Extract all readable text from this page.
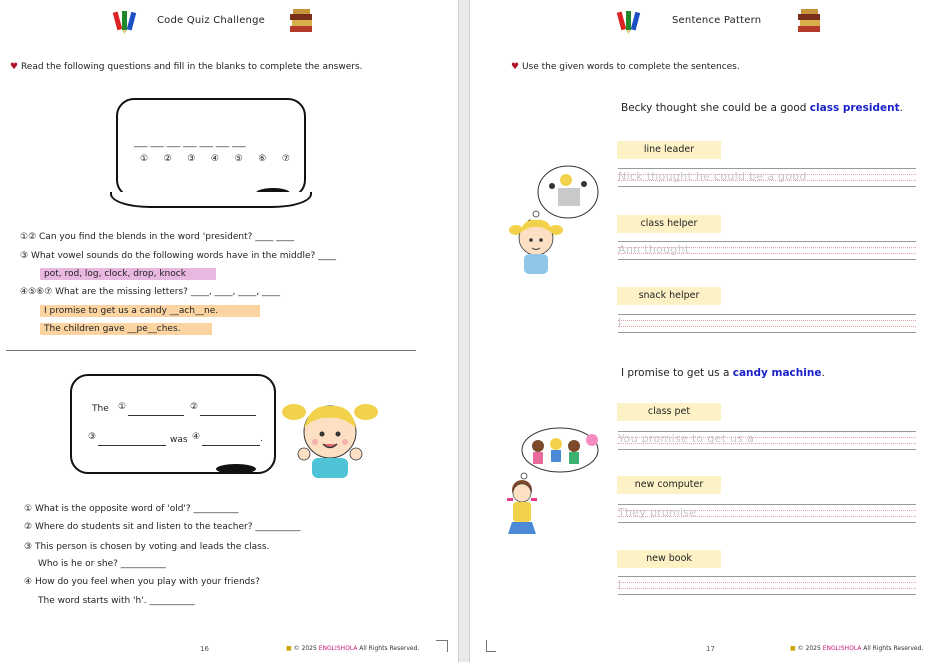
Code Quiz Challenge
♥ Read the following questions and fill in the blanks to complete the answers.
___ ___ ___ ___ ___ ___ ___
① ② ③ ④ ⑤ ⑥ ⑦
①② Can you find the blends in the word 'president? ____ ____
③ What vowel sounds do the following words have in the middle? ____
pot, rod, log, clock, drop, knock
④⑤⑥⑦ What are the missing letters? ____, ____, ____, ____
I promise to get us a candy __ach__ne.
The children gave __pe__ches.
The ①	②
③	was ④	.
① What is the opposite word of 'old'? __________
② Where do students sit and listen to the teacher? __________
③ This person is chosen by voting and leads the class.
Who is he or she? __________
④ How do you feel when you play with your friends?
The word starts with 'h'. __________
16	■ © 2025 ENGLISHOLA All Rights Reserved.
Sentence Pattern
♥ Use the given words to complete the sentences.
Becky thought she could be a good class president.
line leader
Nick thought he could be a good
class helper
Ann thought
snack helper
I
I promise to get us a candy machine.
class pet
You promise to get us a
new computer
They promise
new book
I
17	■ © 2025 ENGLISHOLA All Rights Reserved.
